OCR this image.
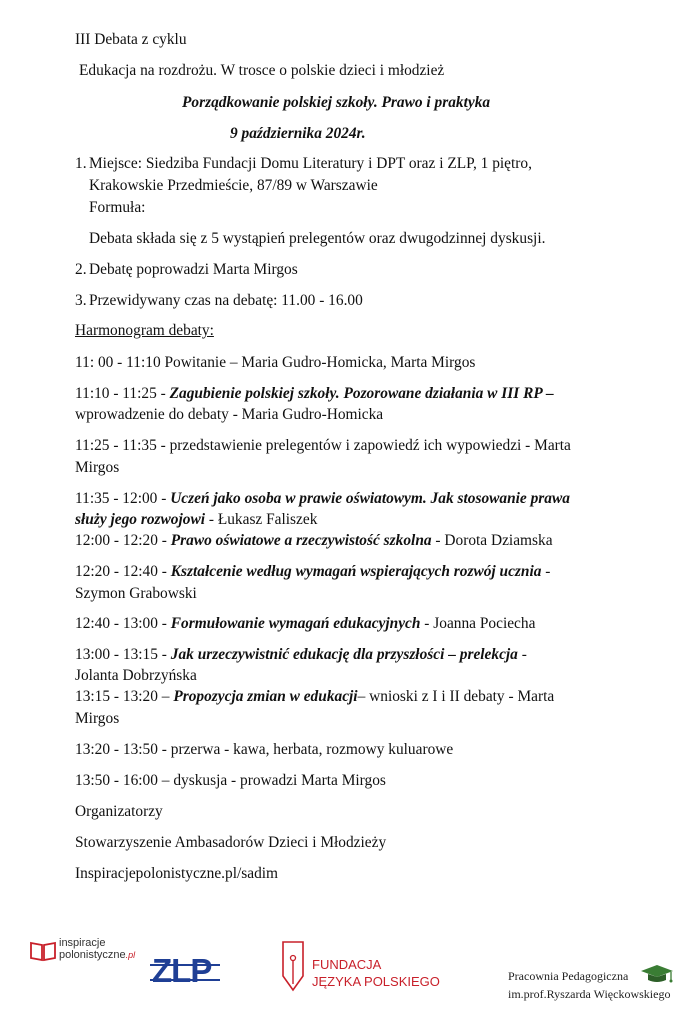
III Debata z cyklu
Edukacja na rozdrożu. W trosce o polskie dzieci i młodzież
Porządkowanie polskiej szkoły. Prawo i praktyka
9 października 2024r.
1. Miejsce: Siedziba Fundacji Domu Literatury i DPT oraz i ZLP, 1 piętro,
Krakowskie Przedmieście, 87/89 w Warszawie
Formuła:
Debata składa się z 5 wystąpień prelegentów oraz dwugodzinnej dyskusji.
2. Debatę poprowadzi Marta Mirgos
3. Przewidywany czas na debatę: 11.00 - 16.00
Harmonogram debaty:
11: 00 - 11:10 Powitanie – Maria Gudro-Homicka, Marta Mirgos
11:10 - 11:25 - Zagubienie polskiej szkoły. Pozorowane działania w III RP –
wprowadzenie do debaty - Maria Gudro-Homicka
11:25 - 11:35 - przedstawienie prelegentów i zapowiedź ich wypowiedzi - Marta
Mirgos
11:35 - 12:00 - Uczeń jako osoba w prawie oświatowym. Jak stosowanie prawa
służy jego rozwojowi - Łukasz Faliszek
12:00 - 12:20 - Prawo oświatowe a rzeczywistość szkolna - Dorota Dziamska
12:20 - 12:40 - Kształcenie według wymagań wspierających rozwój ucznia -
Szymon Grabowski
12:40 - 13:00 - Formułowanie wymagań edukacyjnych - Joanna Pociecha
13:00 - 13:15 - Jak urzeczywistnić edukację dla przyszłości – prelekcja -
Jolanta Dobrzyńska
13:15 - 13:20 – Propozycja zmian w edukacji– wnioski z I i II debaty - Marta
Mirgos
13:20 - 13:50 - przerwa - kawa, herbata, rozmowy kuluarowe
13:50 - 16:00 – dyskusja - prowadzi Marta Mirgos
Organizatorzy
Stowarzyszenie Ambasadorów Dzieci i Młodzieży
Inspiracjepolonistyczne.pl/sadim
inspiracje
polonistyczne.pl ZLP	FUNDACJA
JĘZYKA POLSKIEGO	Pracownia Pedagogiczna
im.prof.Ryszarda Więckowskiego
